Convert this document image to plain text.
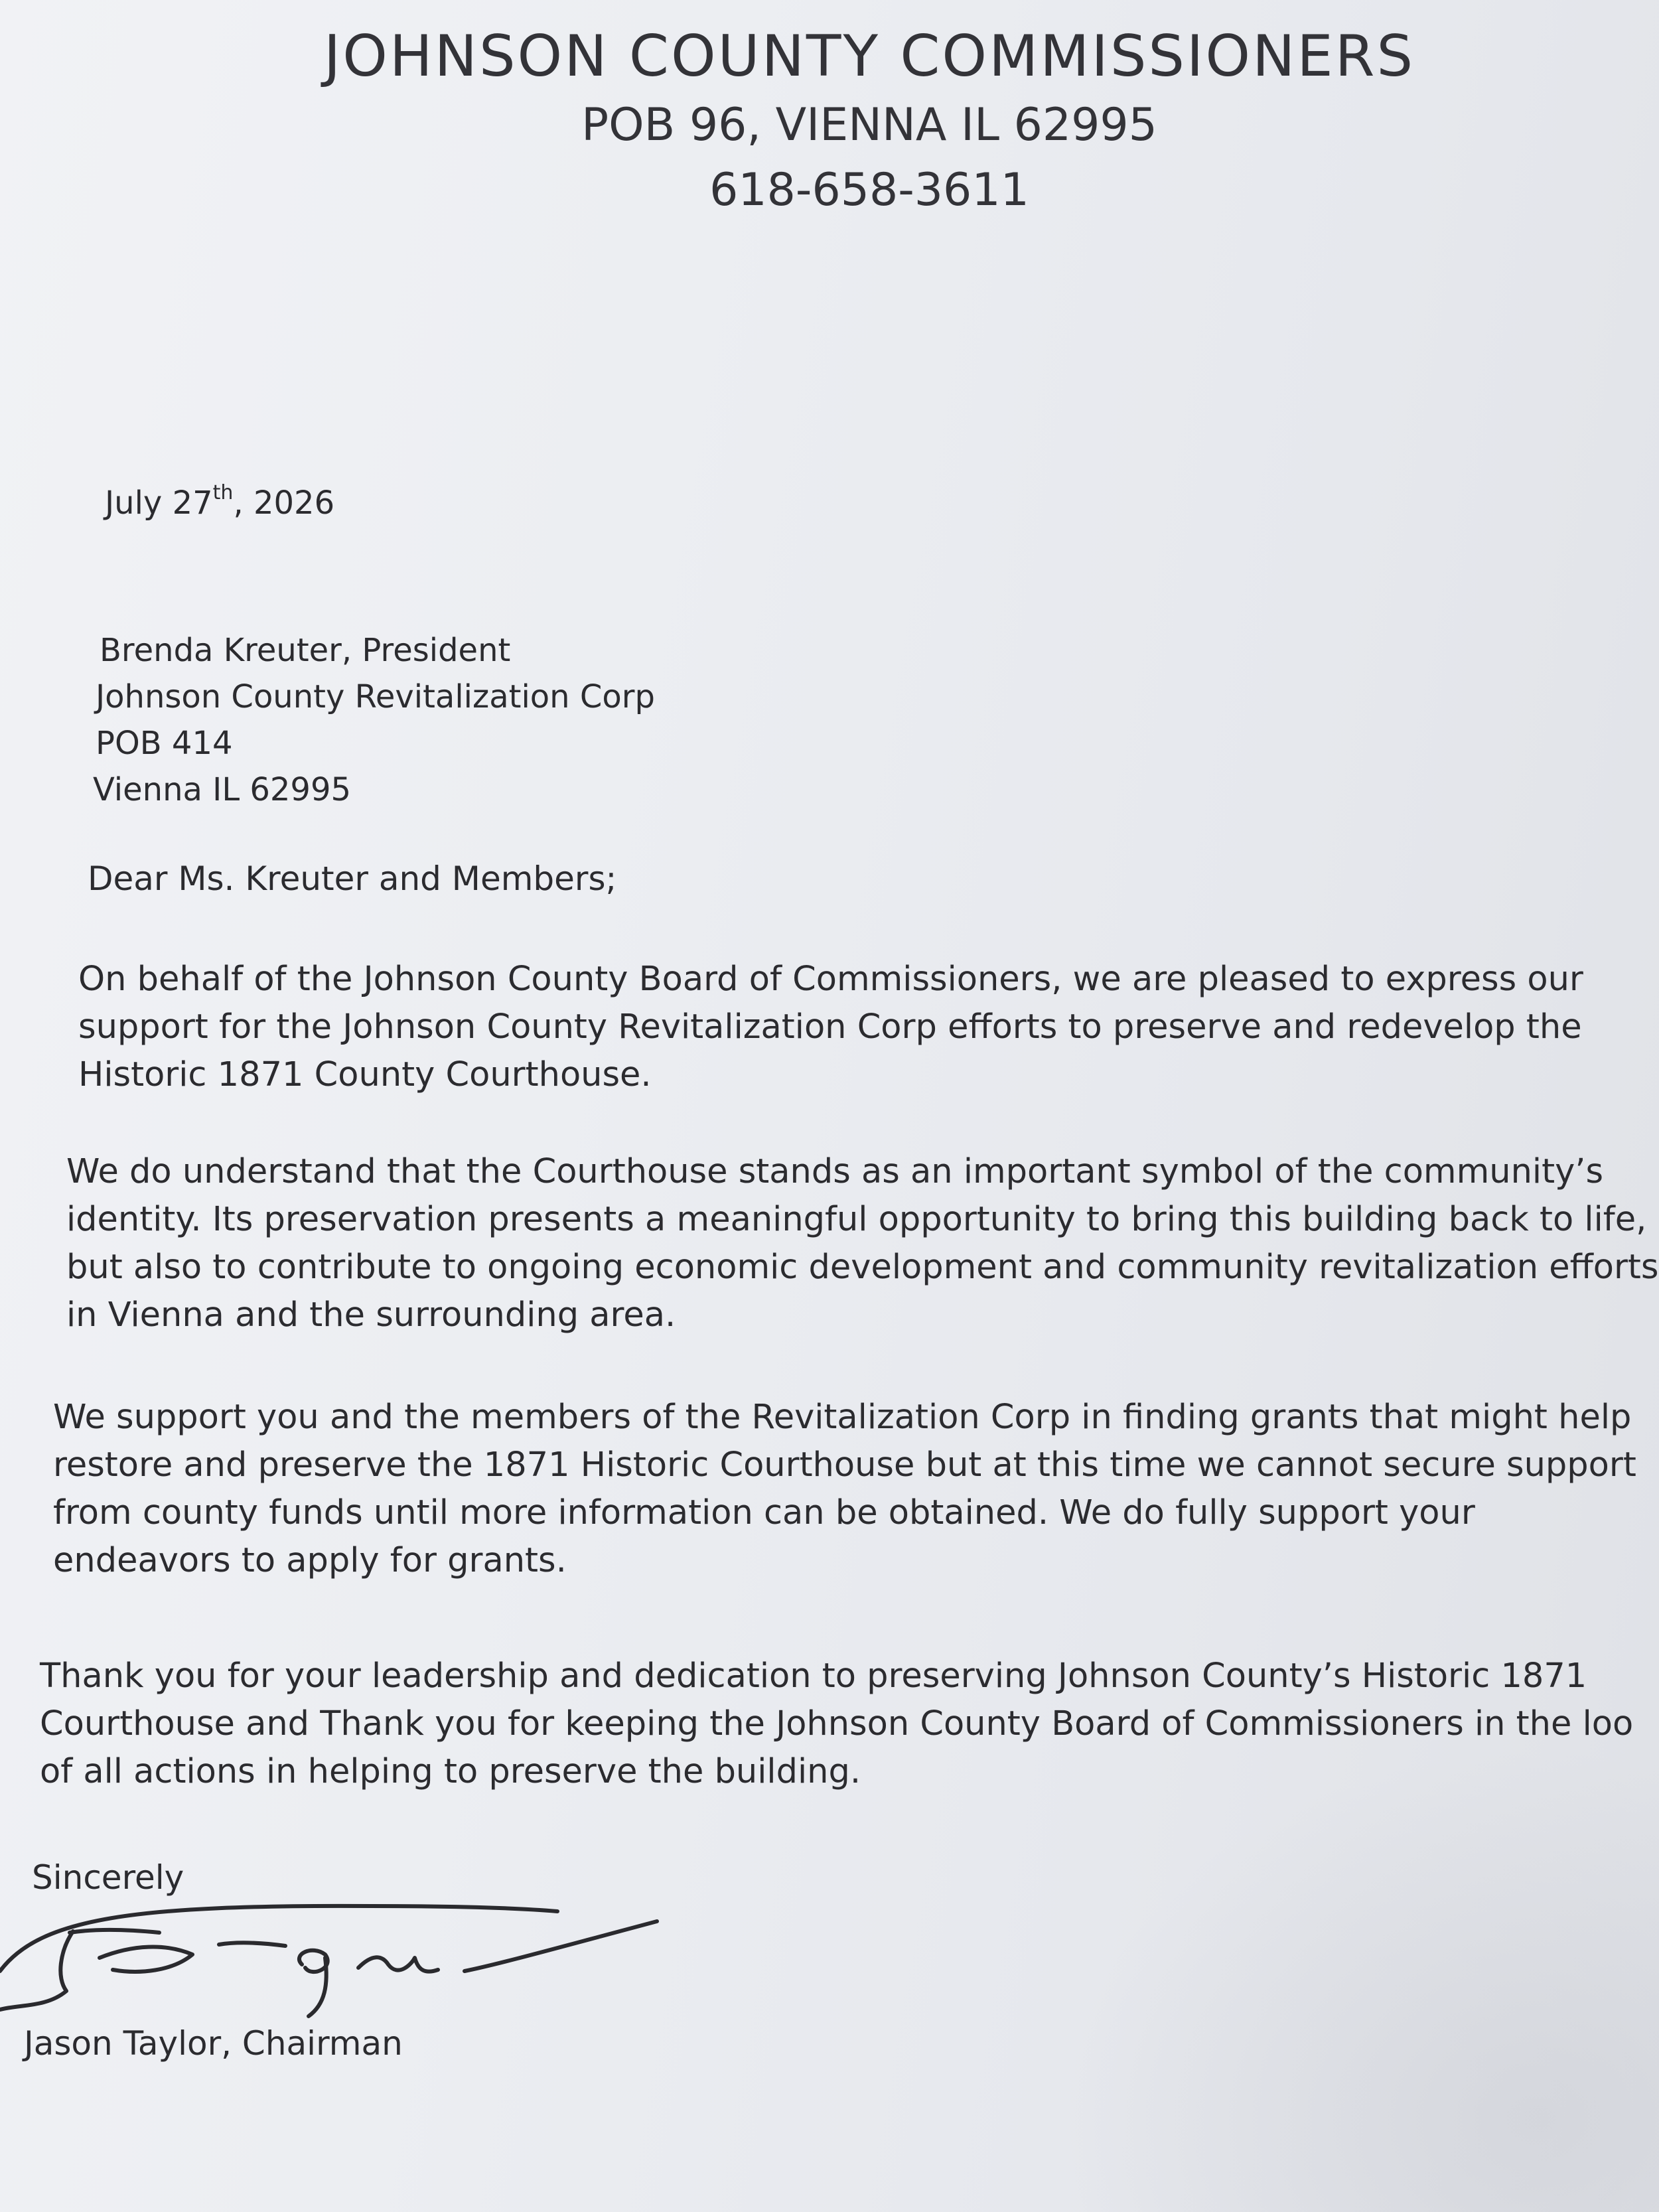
JOHNSON COUNTY COMMISSIONERS
POB 96, VIENNA IL 62995
618-658-3611
July 27th, 2026
Brenda Kreuter, President
Johnson County Revitalization Corp
POB 414
Vienna IL 62995
Dear Ms. Kreuter and Members;
On behalf of the Johnson County Board of Commissioners, we are pleased to express our
support for the Johnson County Revitalization Corp efforts to preserve and redevelop the
Historic 1871 County Courthouse.
We do understand that the Courthouse stands as an important symbol of the community’s
identity. Its preservation presents a meaningful opportunity to bring this building back to life,
but also to contribute to ongoing economic development and community revitalization efforts
in Vienna and the surrounding area.
We support you and the members of the Revitalization Corp in finding grants that might help
restore and preserve the 1871 Historic Courthouse but at this time we cannot secure support
from county funds until more information can be obtained. We do fully support your
endeavors to apply for grants.
Thank you for your leadership and dedication to preserving Johnson County’s Historic 1871
Courthouse and Thank you for keeping the Johnson County Board of Commissioners in the loo
of all actions in helping to preserve the building.
Sincerely
Jason Taylor, Chairman
